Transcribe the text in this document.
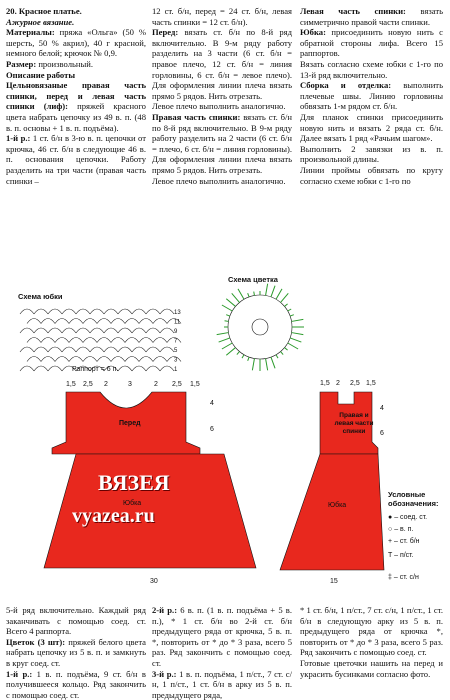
20. Красное платье.

Ажурное вязание.

Материалы: пряжа «Ольга» (50 % шерсть, 50 % акрил), 40 г красной, немного белой; крючок № 0,9.

Размер: произвольный.

Описание работы

Цельновязаные правая часть спинки, перед и левая часть спинки (лиф): пряжей красного цвета набрать цепочку из 49 в. п. (48 в. п. основы + 1 в. п. подъёма).

1-й р.: 1 ст. б/н в 3-ю в. п. цепочки от крючка, 46 ст. б/н в следующие 46 в. п. основания цепочки. Работу разделить на три части (правая часть спинки –

12 ст. б/н, перед = 24 ст. б/н, левая часть спинки = 12 ст. б/н).

Перед: вязать ст. б/н по 8-й ряд включительно. В 9-м ряду работу разделить на 3 части (6 ст. б/н = правое плечо, 12 ст. б/н = линия горловины, 6 ст. б/н = левое плечо). Для оформления линии плеча вязать прямо 5 рядов. Нить отрезать.

Левое плечо выполнить аналогично.

Правая часть спинки: вязать ст. б/н по 8-й ряд включительно. В 9-м ряду работу разделить на 2 части (6 ст. б/н = плечо, 6 ст. б/н = линия горловины). Для оформления линии плеча вязать прямо 5 рядов. Нить отрезать.

Левое плечо выполнить аналогично.

Левая часть спинки: вязать симметрично правой части спинки.

Юбка: присоединить новую нить с обратной стороны лифа. Всего 15 раппортов.

Вязать согласно схеме юбки с 1-го по 13-й ряд включительно.

Сборка и отделка: выполнить плечевые швы. Линию горловины обвязать 1-м рядом ст. б/н.

Для планок спинки присоединить новую нить и вязать 2 ряда ст. б/н. Далее вязать 1 ряд «Рачьим шагом».

Выполнить 2 завязки из в. п. произвольной длины.

Линии проймы обвязать по кругу согласно схеме юбки с 1-го по

Схема юбки
13
11
9
7
5
3
1
Раппорт = 6 п.
Схема цветка
Перед
Юбка
ВЯЗЕЯ
vyazea.ru
1,5 2,5 2	3	2 2,5 1,5
4
6
30
Правая и левая части спинки
Юбка
1,5 2 2,5 1,5
4
6
15
Условные обозначения:
● – соед. ст.
○ – в. п.
+ – ст. б/н
T – п/ст.
‡ – ст. с/н

5-й ряд включительно. Каждый ряд заканчивать с помощью соед. ст. Всего 4 раппорта.

Цветок (3 шт): пряжей белого цвета набрать цепочку из 5 в. п. и замкнуть в круг соед. ст.

1-й р.: 1 в. п. подъёма, 9 ст. б/н в получившееся кольцо. Ряд закончить с помощью соед. ст.

2-й р.: 6 в. п. (1 в. п. подъёма + 5 в. п.), * 1 ст. б/н во 2-й ст. б/н предыдущего ряда от крючка, 5 в. п. *, повторить от * до * 3 раза, всего 5 раз. Ряд закончить с помощью соед. ст.

3-й р.: 1 в. п. подъёма, 1 п/ст., 7 ст. с/н, 1 п/ст., 1 ст. б/н в арку из 5 в. п. предыдущего ряда,

* 1 ст. б/н, 1 п/ст., 7 ст. с/н, 1 п/ст., 1 ст. б/н в следующую арку из 5 в. п. предыдущего ряда от крючка *, повторить от * до * 3 раза, всего 5 раз. Ряд закончить с помощью соед. ст.

Готовые цветочки нашить на перед и украсить бусинками согласно фото.
